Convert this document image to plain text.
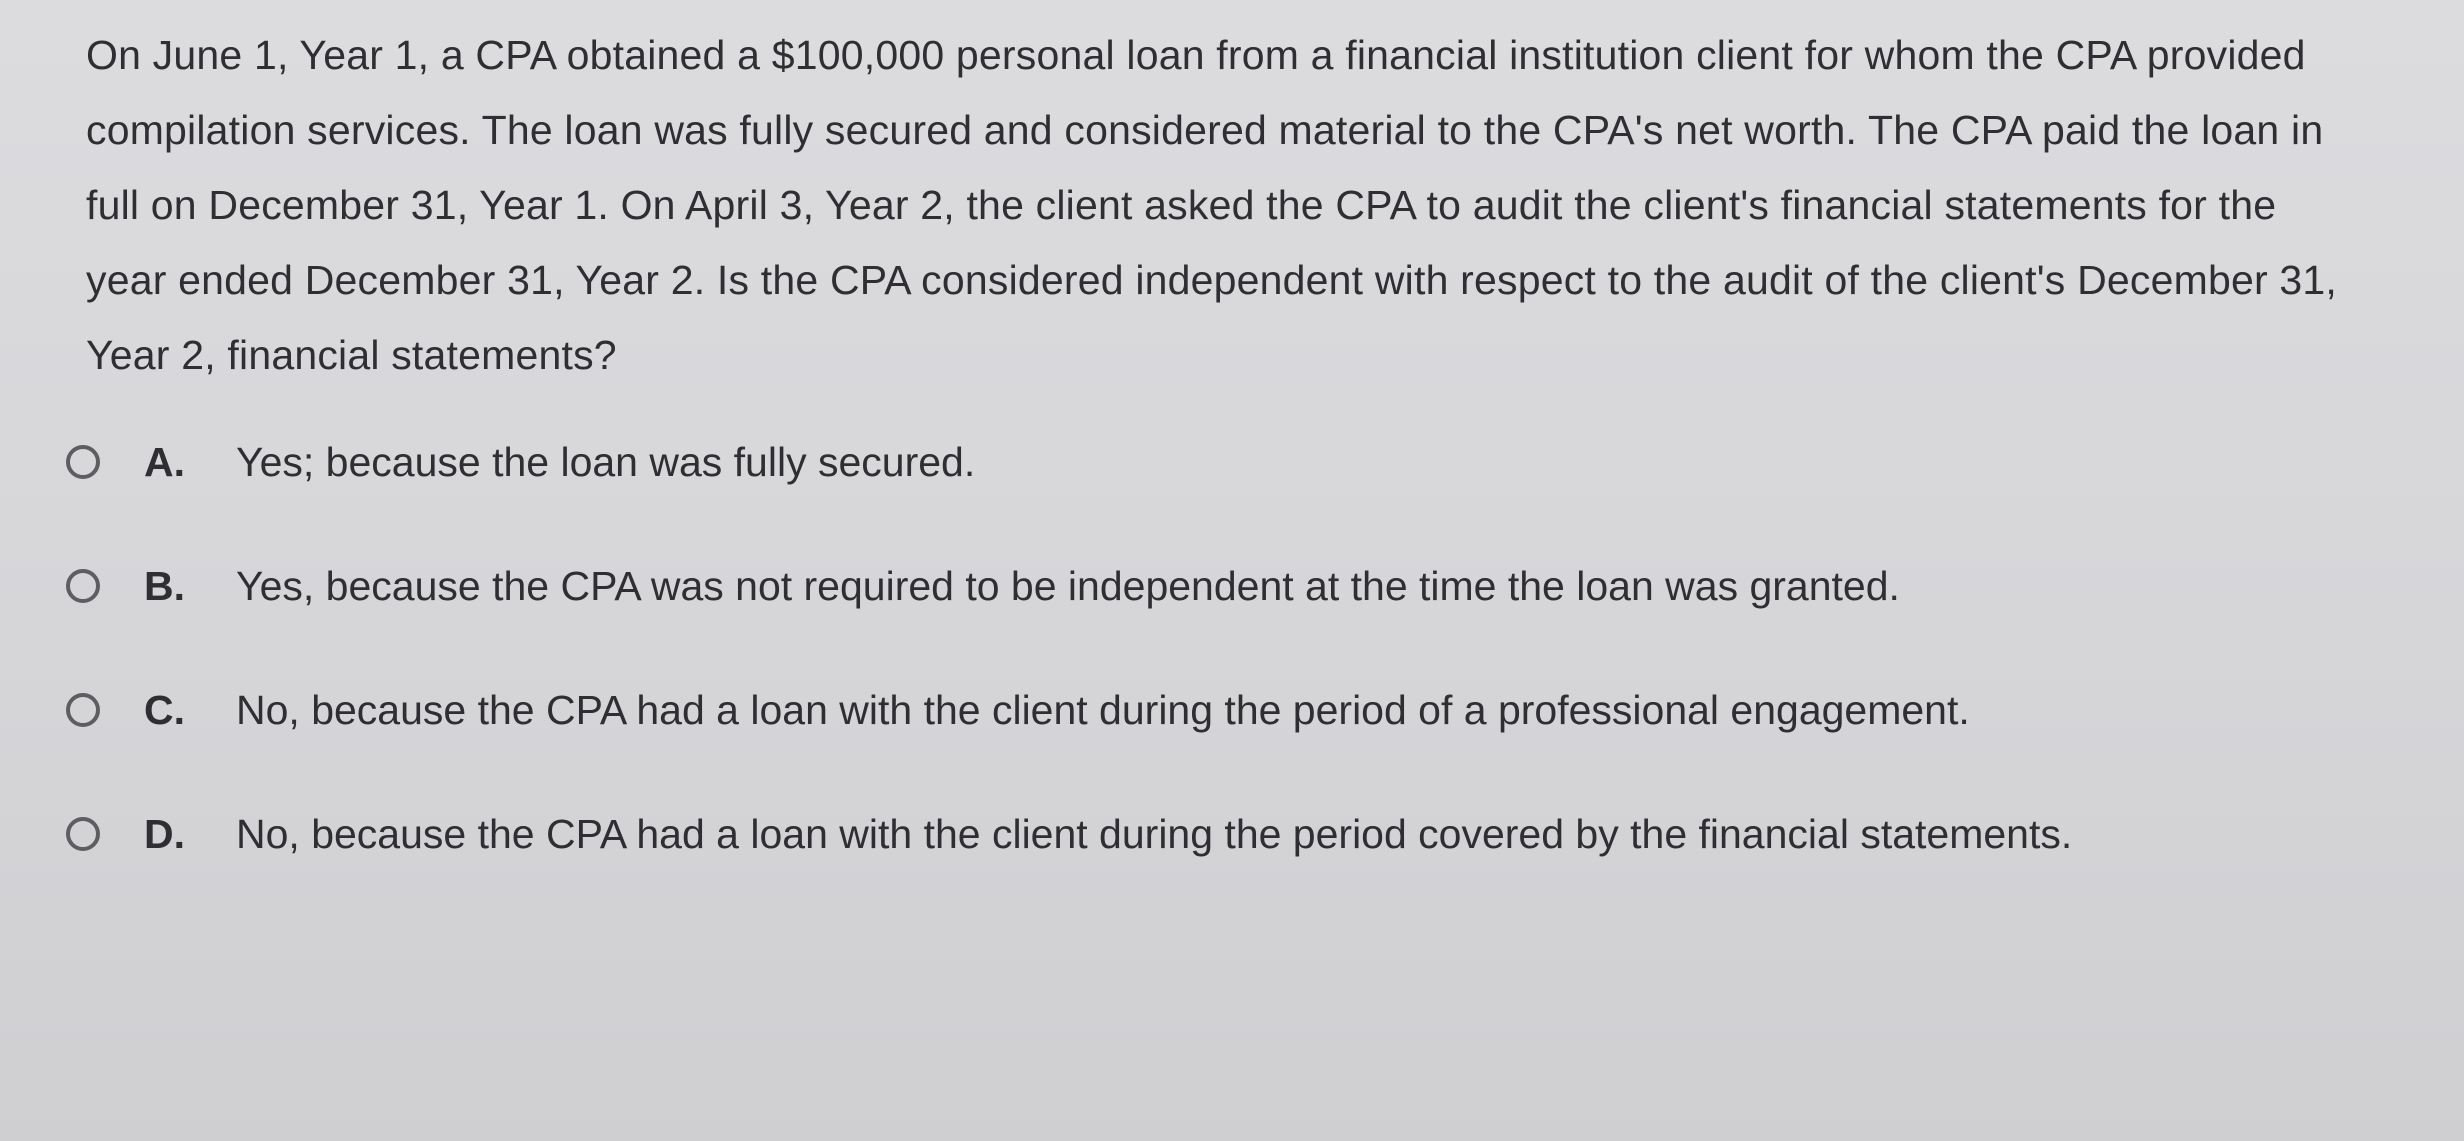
On June 1, Year 1, a CPA obtained a $100,000 personal loan from a financial institution client for whom the CPA provided compilation services. The loan was fully secured and considered material to the CPA's net worth. The CPA paid the loan in full on December 31, Year 1. On April 3, Year 2, the client asked the CPA to audit the client's financial statements for the year ended December 31, Year 2. Is the CPA considered independent with respect to the audit of the client's December 31, Year 2, financial statements?

A.	Yes; because the loan was fully secured.
B.	Yes, because the CPA was not required to be independent at the time the loan was granted.
C.	No, because the CPA had a loan with the client during the period of a professional engagement.
D.	No, because the CPA had a loan with the client during the period covered by the financial statements.
